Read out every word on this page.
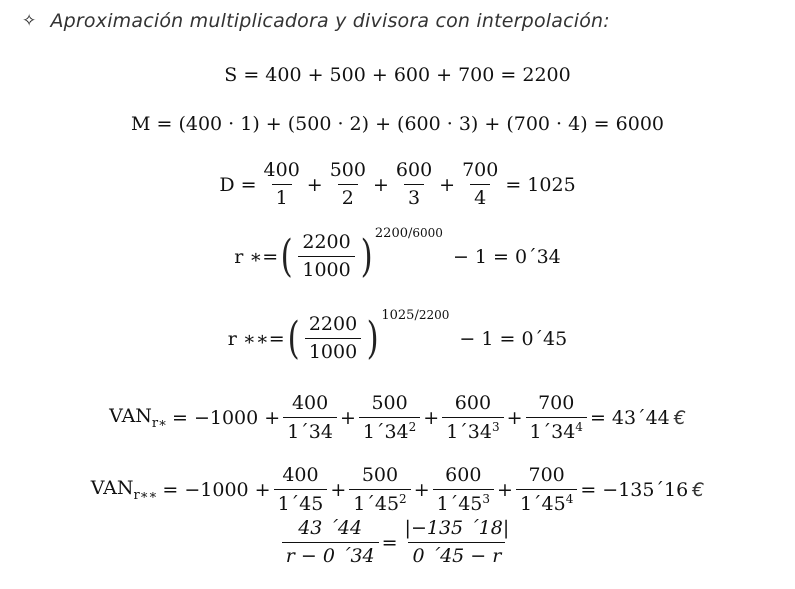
✧ Aproximación multiplicadora y divisora con interpolación:
S = 400 + 500 + 600 + 700 = 2200
M = (400 · 1) + (500 · 2) + (600 · 3) + (700 · 4) = 6000
$D = \frac{400}{1} + \frac{500}{2} + \frac{600}{3} + \frac{700}{4} = 1025$
r ∗= ( $\frac{2200}{1000}$ ) 2200/6000
− 1 = 0´34
r ∗∗= ( $\frac{2200}{1000}$ ) 1025/2200
− 1 = 0´45
$VAN_{r∗} = -1000 + \frac{400}{1´34} + \frac{500}{1´34^2} + \frac{600}{1´34^3} + \frac{700}{1´34^4}$ = 43´44 €
$VAN_{r∗∗} = -1000 + \frac{400}{1´45} + \frac{500}{1´45^2} + \frac{600}{1´45^3} + \frac{700}{1´45^4}$ = −135´16 €
$\frac{43 ´44}{r - 0 ´34} = \frac{|-135 ´18|}{0 ´45 - r}$
